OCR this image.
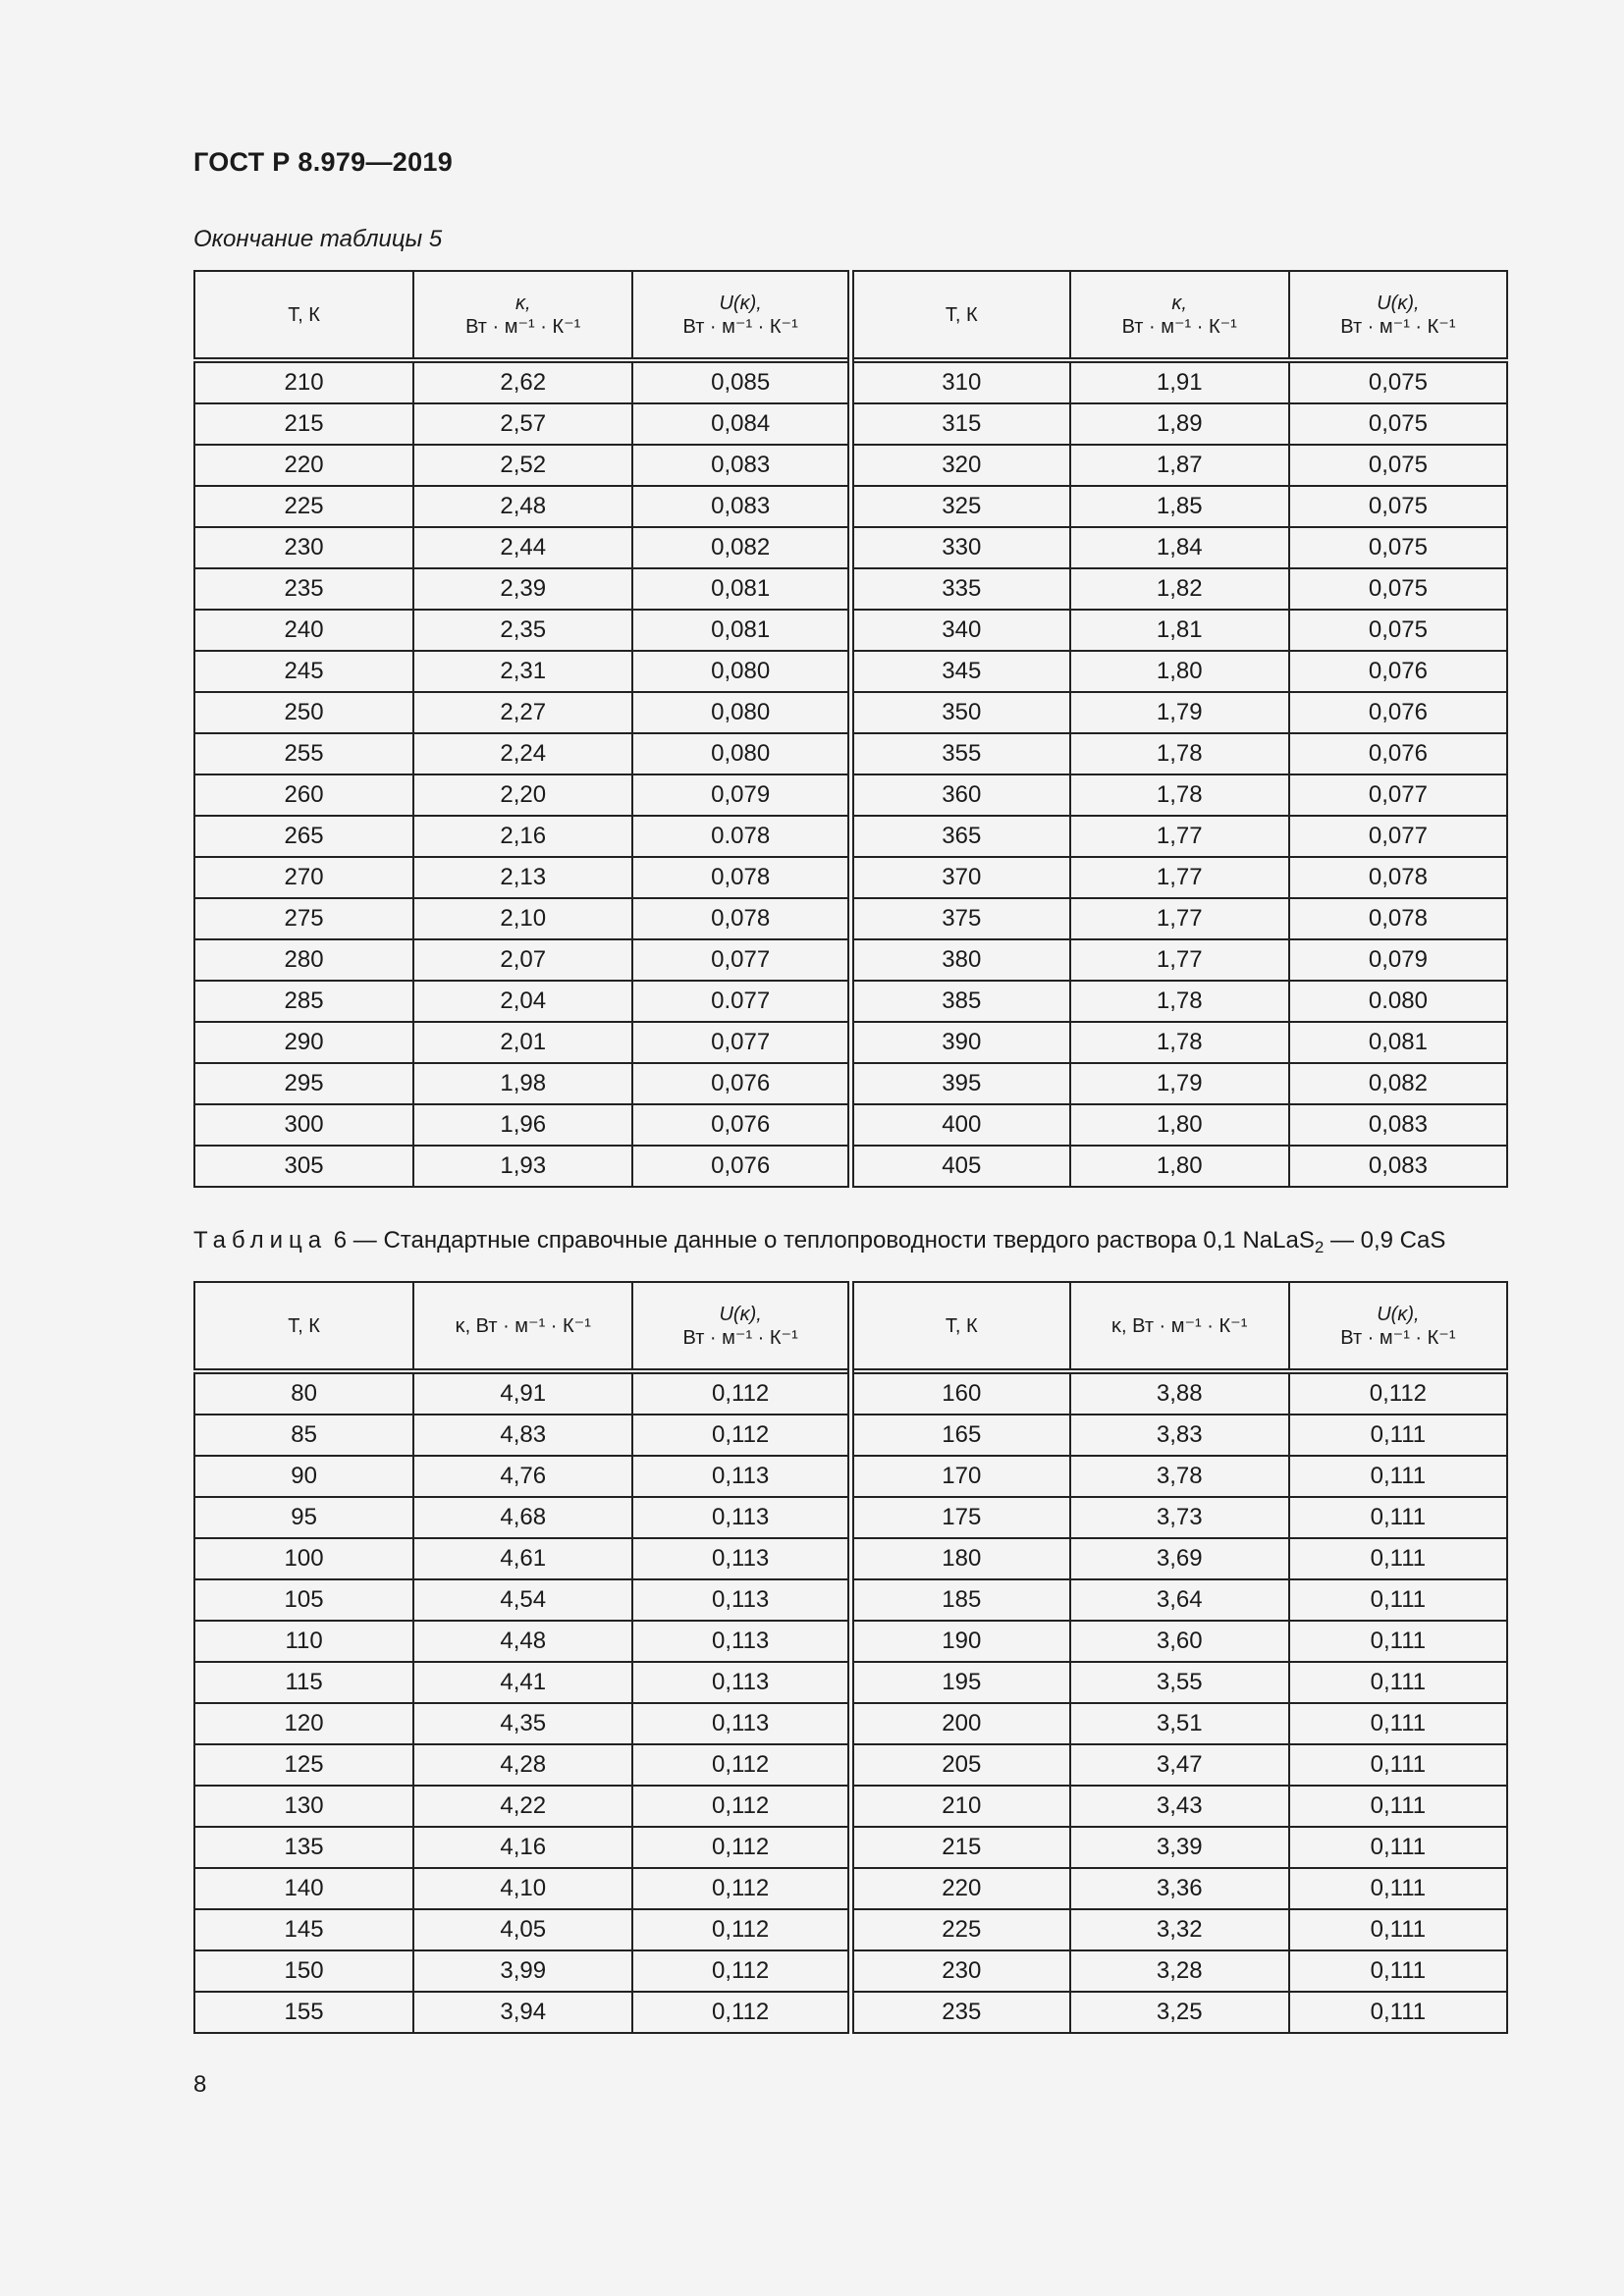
ГОСТ Р 8.979—2019
Окончание таблицы 5
Т, К	κ,
Вт · м⁻¹ · К⁻¹	U(κ),
Вт · м⁻¹ · К⁻¹	Т, К	κ,
Вт · м⁻¹ · К⁻¹	U(κ),
Вт · м⁻¹ · К⁻¹

210	2,62	0,085	310	1,91	0,075
215	2,57	0,084	315	1,89	0,075
220	2,52	0,083	320	1,87	0,075
225	2,48	0,083	325	1,85	0,075
230	2,44	0,082	330	1,84	0,075
235	2,39	0,081	335	1,82	0,075
240	2,35	0,081	340	1,81	0,075
245	2,31	0,080	345	1,80	0,076
250	2,27	0,080	350	1,79	0,076
255	2,24	0,080	355	1,78	0,076
260	2,20	0,079	360	1,78	0,077
265	2,16	0.078	365	1,77	0,077
270	2,13	0,078	370	1,77	0,078
275	2,10	0,078	375	1,77	0,078
280	2,07	0,077	380	1,77	0,079
285	2,04	0.077	385	1,78	0.080
290	2,01	0,077	390	1,78	0,081
295	1,98	0,076	395	1,79	0,082
300	1,96	0,076	400	1,80	0,083
305	1,93	0,076	405	1,80	0,083
Таблица 6 — Стандартные справочные данные о теплопроводности твердого раствора 0,1 NaLaS$_2$ — 0,9 CaS
Т, К	κ, Вт · м⁻¹ · К⁻¹	U(κ),
Вт · м⁻¹ · К⁻¹	Т, К	κ, Вт · м⁻¹ · К⁻¹	U(κ),
Вт · м⁻¹ · К⁻¹

80	4,91	0,112	160	3,88	0,112
85	4,83	0,112	165	3,83	0,111
90	4,76	0,113	170	3,78	0,111
95	4,68	0,113	175	3,73	0,111
100	4,61	0,113	180	3,69	0,111
105	4,54	0,113	185	3,64	0,111
110	4,48	0,113	190	3,60	0,111
115	4,41	0,113	195	3,55	0,111
120	4,35	0,113	200	3,51	0,111
125	4,28	0,112	205	3,47	0,111
130	4,22	0,112	210	3,43	0,111
135	4,16	0,112	215	3,39	0,111
140	4,10	0,112	220	3,36	0,111
145	4,05	0,112	225	3,32	0,111
150	3,99	0,112	230	3,28	0,111
155	3,94	0,112	235	3,25	0,111
8
